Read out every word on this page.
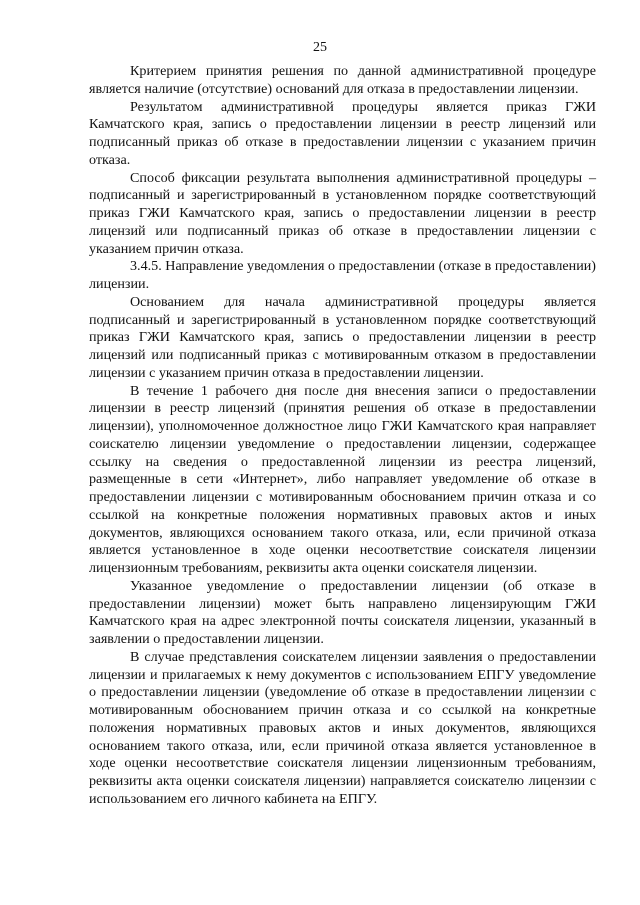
25

Критерием принятия решения по данной административной процедуре является наличие (отсутствие) оснований для отказа в предоставлении лицензии.

Результатом административной процедуры является приказ ГЖИ Камчатского края, запись о предоставлении лицензии в реестр лицензий или подписанный приказ об отказе в предоставлении лицензии с указанием причин отказа.

Способ фиксации результата выполнения административной процедуры – подписанный и зарегистрированный в установленном порядке соответствующий приказ ГЖИ Камчатского края, запись о предоставлении лицензии в реестр лицензий или подписанный приказ об отказе в предоставлении лицензии с указанием причин отказа.

3.4.5. Направление уведомления о предоставлении (отказе в предоставлении) лицензии.

Основанием для начала административной процедуры является подписанный и зарегистрированный в установленном порядке соответствующий приказ ГЖИ Камчатского края, запись о предоставлении лицензии в реестр лицензий или подписанный приказ с мотивированным отказом в предоставлении лицензии с указанием причин отказа в предоставлении лицензии.

В течение 1 рабочего дня после дня внесения записи о предоставлении лицензии в реестр лицензий (принятия решения об отказе в предоставлении лицензии), уполномоченное должностное лицо ГЖИ Камчатского края направляет соискателю лицензии уведомление о предоставлении лицензии, содержащее ссылку на сведения о предоставленной лицензии из реестра лицензий, размещенные в сети «Интернет», либо направляет уведомление об отказе в предоставлении лицензии с мотивированным обоснованием причин отказа и со ссылкой на конкретные положения нормативных правовых актов и иных документов, являющихся основанием такого отказа, или, если причиной отказа является установленное в ходе оценки несоответствие соискателя лицензии лицензионным требованиям, реквизиты акта оценки соискателя лицензии.

Указанное уведомление о предоставлении лицензии (об отказе в предоставлении лицензии) может быть направлено лицензирующим ГЖИ Камчатского края на адрес электронной почты соискателя лицензии, указанный в заявлении о предоставлении лицензии.

В случае представления соискателем лицензии заявления о предоставлении лицензии и прилагаемых к нему документов с использованием ЕПГУ уведомление о предоставлении лицензии (уведомление об отказе в предоставлении лицензии с мотивированным обоснованием причин отказа и со ссылкой на конкретные положения нормативных правовых актов и иных документов, являющихся основанием такого отказа, или, если причиной отказа является установленное в ходе оценки несоответствие соискателя лицензии лицензионным требованиям, реквизиты акта оценки соискателя лицензии) направляется соискателю лицензии с использованием его личного кабинета на ЕПГУ.
